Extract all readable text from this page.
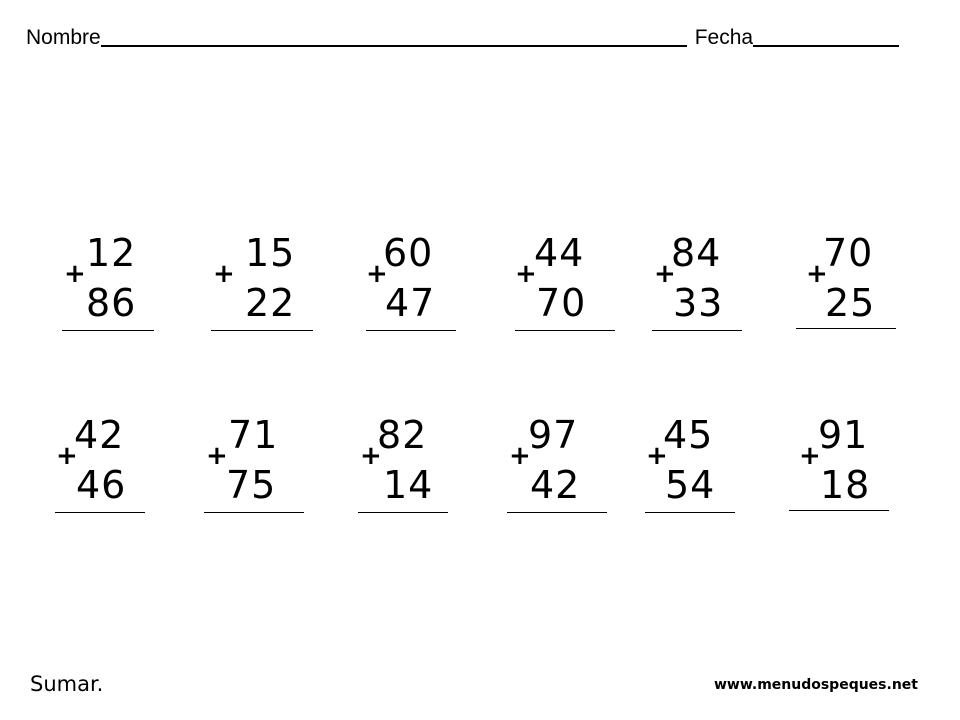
Nombre	Fecha
+ 12
86
+ 15
22
+
60
47
+
44
70
+
84
33
+
70
25
+
42
46
+ 71
75
+
82
14
+
97
42
+
45
54
+
91
18
Sumar.	www.menudospeques.net
